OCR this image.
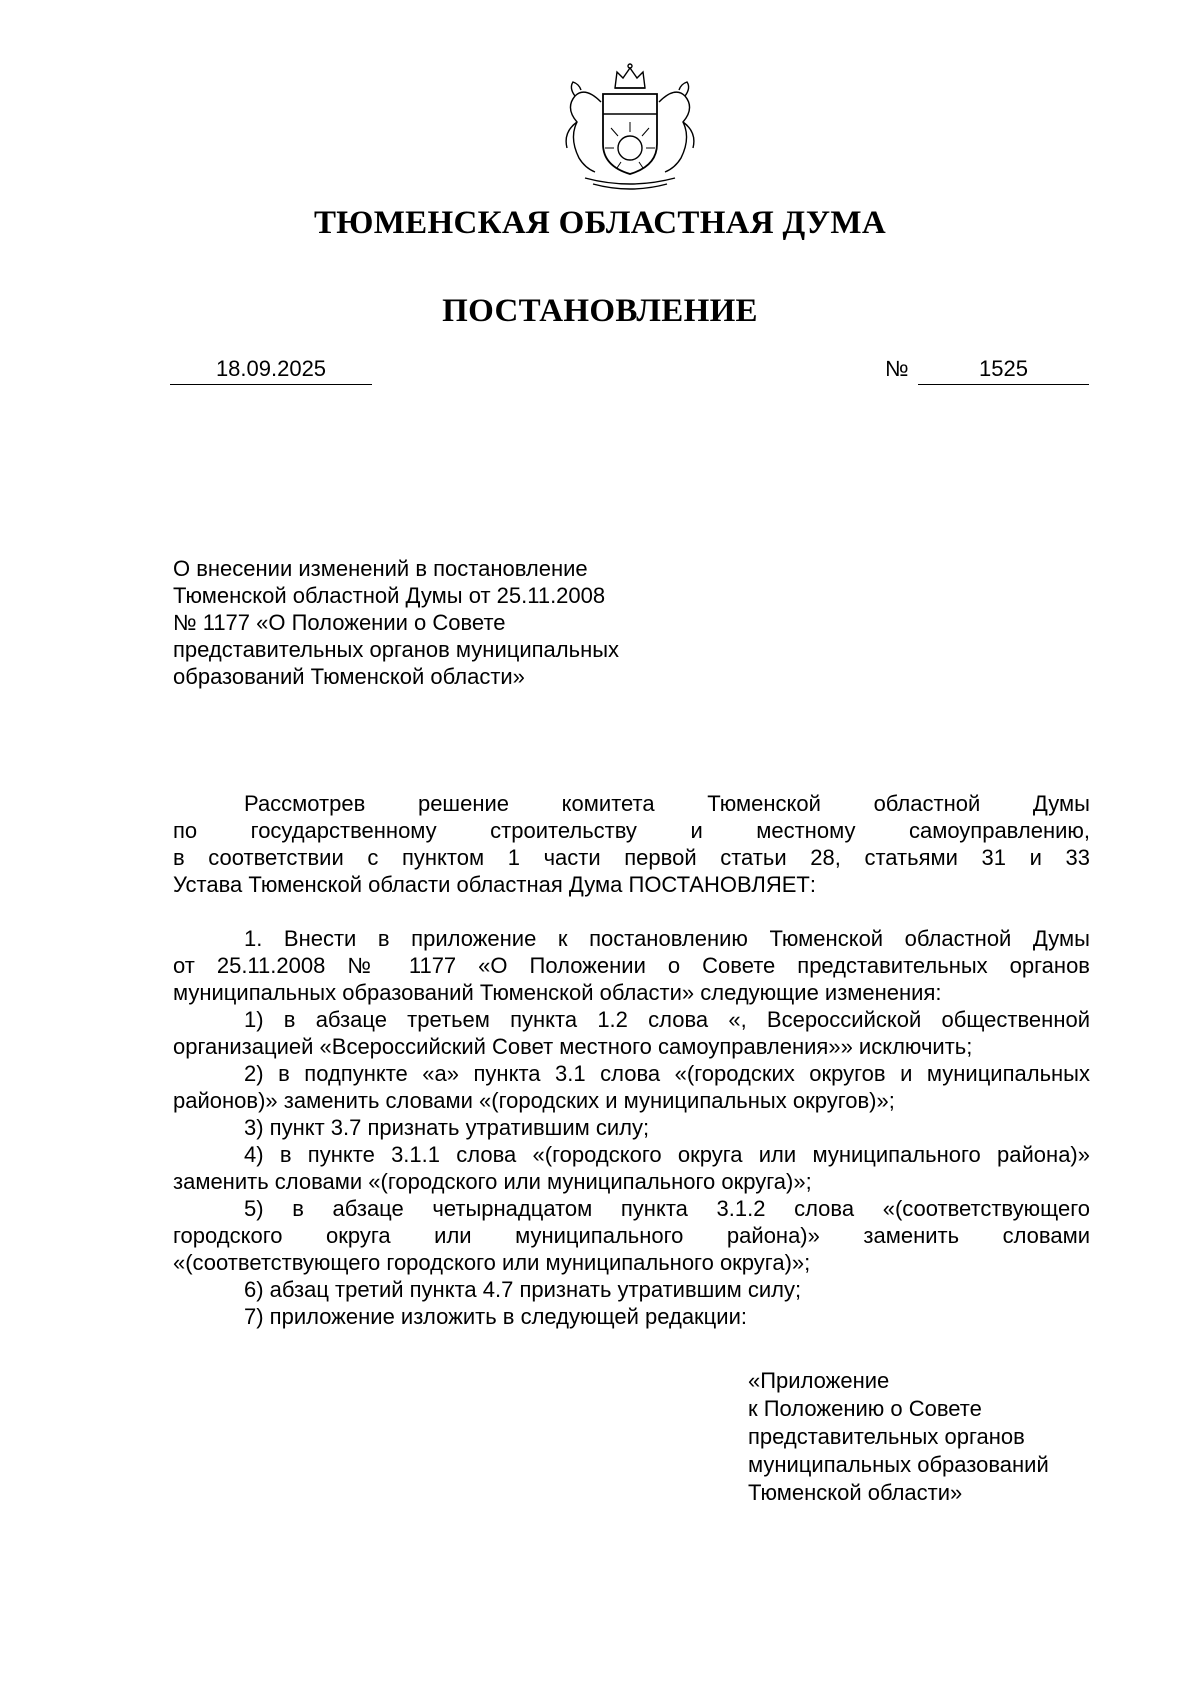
ТЮМЕНСКАЯ ОБЛАСТНАЯ ДУМА
ПОСТАНОВЛЕНИЕ
18.09.2025	№	1525
О внесении изменений в постановление
Тюменской областной Думы от 25.11.2008
№ 1177 «О Положении о Совете
представительных органов муниципальных
образований Тюменской области»
Рассмотрев решение комитета Тюменской областной Думы
по государственному строительству и местному самоуправлению,
в соответствии с пунктом 1 части первой статьи 28, статьями 31 и 33
Устава Тюменской области областная Дума ПОСТАНОВЛЯЕТ:
1. Внести в приложение к постановлению Тюменской областной Думы
от 25.11.2008 № 1177 «О Положении о Совете представительных органов
муниципальных образований Тюменской области» следующие изменения:
1) в абзаце третьем пункта 1.2 слова «, Всероссийской общественной
организацией «Всероссийский Совет местного самоуправления»» исключить;
2) в подпункте «а» пункта 3.1 слова «(городских округов и муниципальных
районов)» заменить словами «(городских и муниципальных округов)»;
3) пункт 3.7 признать утратившим силу;
4) в пункте 3.1.1 слова «(городского округа или муниципального района)»
заменить словами «(городского или муниципального округа)»;
5) в абзаце четырнадцатом пункта 3.1.2 слова «(соответствующего
городского округа или муниципального района)» заменить словами
«(соответствующего городского или муниципального округа)»;
6) абзац третий пункта 4.7 признать утратившим силу;
7) приложение изложить в следующей редакции:
«Приложение
к Положению о Совете
представительных органов
муниципальных образований
Тюменской области»
